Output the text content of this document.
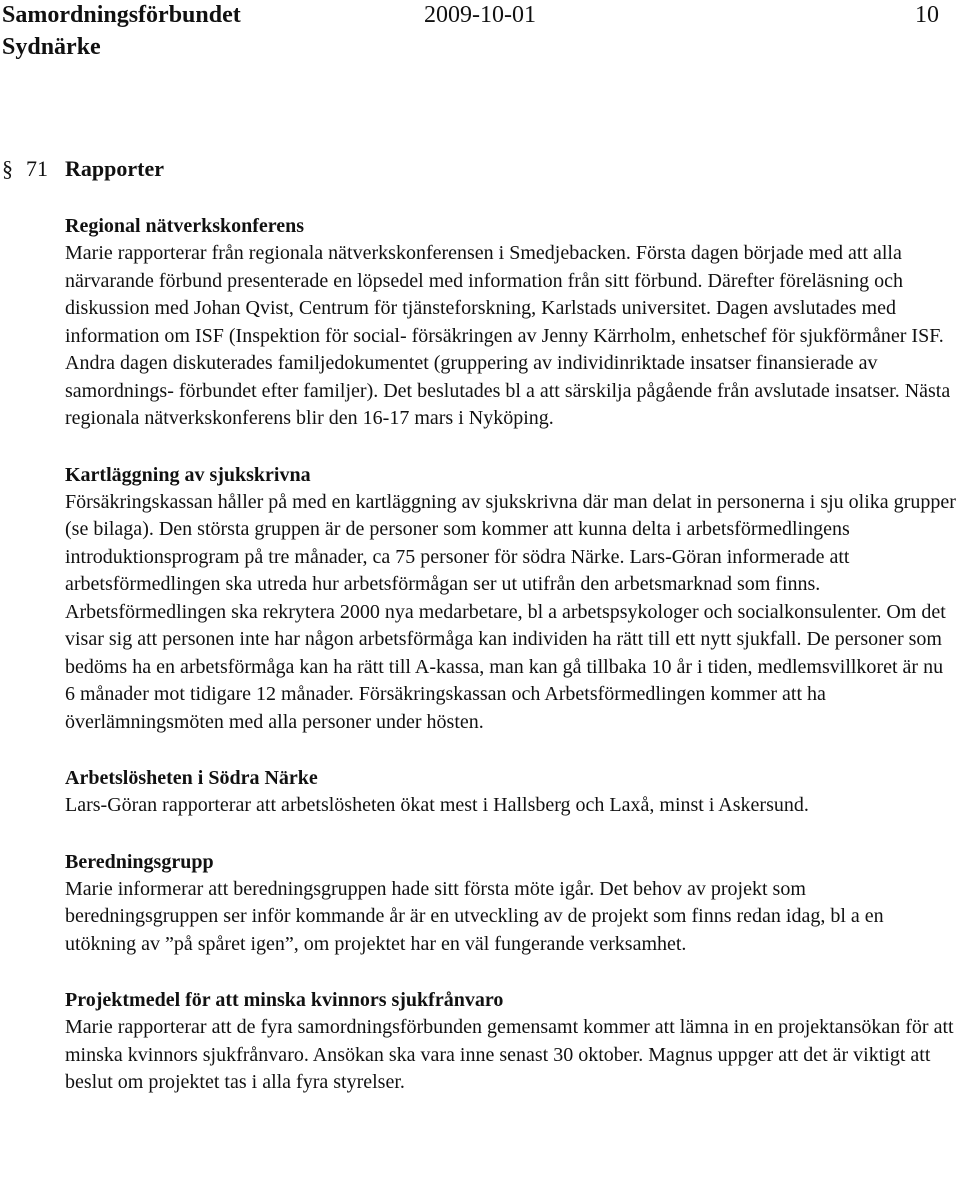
Samordningsförbundet
Sydnärke
2009-10-01	10
§ 71 Rapporter

Regional nätverkskonferens

Marie rapporterar från regionala nätverkskonferensen i Smedjebacken. Första dagen började med att alla närvarande förbund presenterade en löpsedel med information från sitt förbund. Därefter föreläsning och diskussion med Johan Qvist, Centrum för tjänsteforskning, Karlstads universitet. Dagen avslutades med information om ISF (Inspektion för social- försäkringen av Jenny Kärrholm, enhetschef för sjukförmåner ISF. Andra dagen diskuterades familjedokumentet (gruppering av individinriktade insatser finansierade av samordnings- förbundet efter familjer). Det beslutades bl a att särskilja pågående från avslutade insatser. Nästa regionala nätverkskonferens blir den 16-17 mars i Nyköping.

Kartläggning av sjukskrivna

Försäkringskassan håller på med en kartläggning av sjukskrivna där man delat in personerna i sju olika grupper (se bilaga). Den största gruppen är de personer som kommer att kunna delta i arbetsförmedlingens introduktionsprogram på tre månader, ca 75 personer för södra Närke. Lars-Göran informerade att arbetsförmedlingen ska utreda hur arbetsförmågan ser ut utifrån den arbetsmarknad som finns. Arbetsförmedlingen ska rekrytera 2000 nya medarbetare, bl a arbetspsykologer och socialkonsulenter. Om det visar sig att personen inte har någon arbetsförmåga kan individen ha rätt till ett nytt sjukfall. De personer som bedöms ha en arbetsförmåga kan ha rätt till A-kassa, man kan gå tillbaka 10 år i tiden, medlemsvillkoret är nu 6 månader mot tidigare 12 månader. Försäkringskassan och Arbetsförmedlingen kommer att ha överlämningsmöten med alla personer under hösten.

Arbetslösheten i Södra Närke

Lars-Göran rapporterar att arbetslösheten ökat mest i Hallsberg och Laxå, minst i Askersund.

Beredningsgrupp

Marie informerar att beredningsgruppen hade sitt första möte igår. Det behov av projekt som beredningsgruppen ser inför kommande år är en utveckling av de projekt som finns redan idag, bl a en utökning av ”på spåret igen”, om projektet har en väl fungerande verksamhet.

Projektmedel för att minska kvinnors sjukfrånvaro

Marie rapporterar att de fyra samordningsförbunden gemensamt kommer att lämna in en projektansökan för att minska kvinnors sjukfrånvaro. Ansökan ska vara inne senast 30 oktober. Magnus uppger att det är viktigt att beslut om projektet tas i alla fyra styrelser.
